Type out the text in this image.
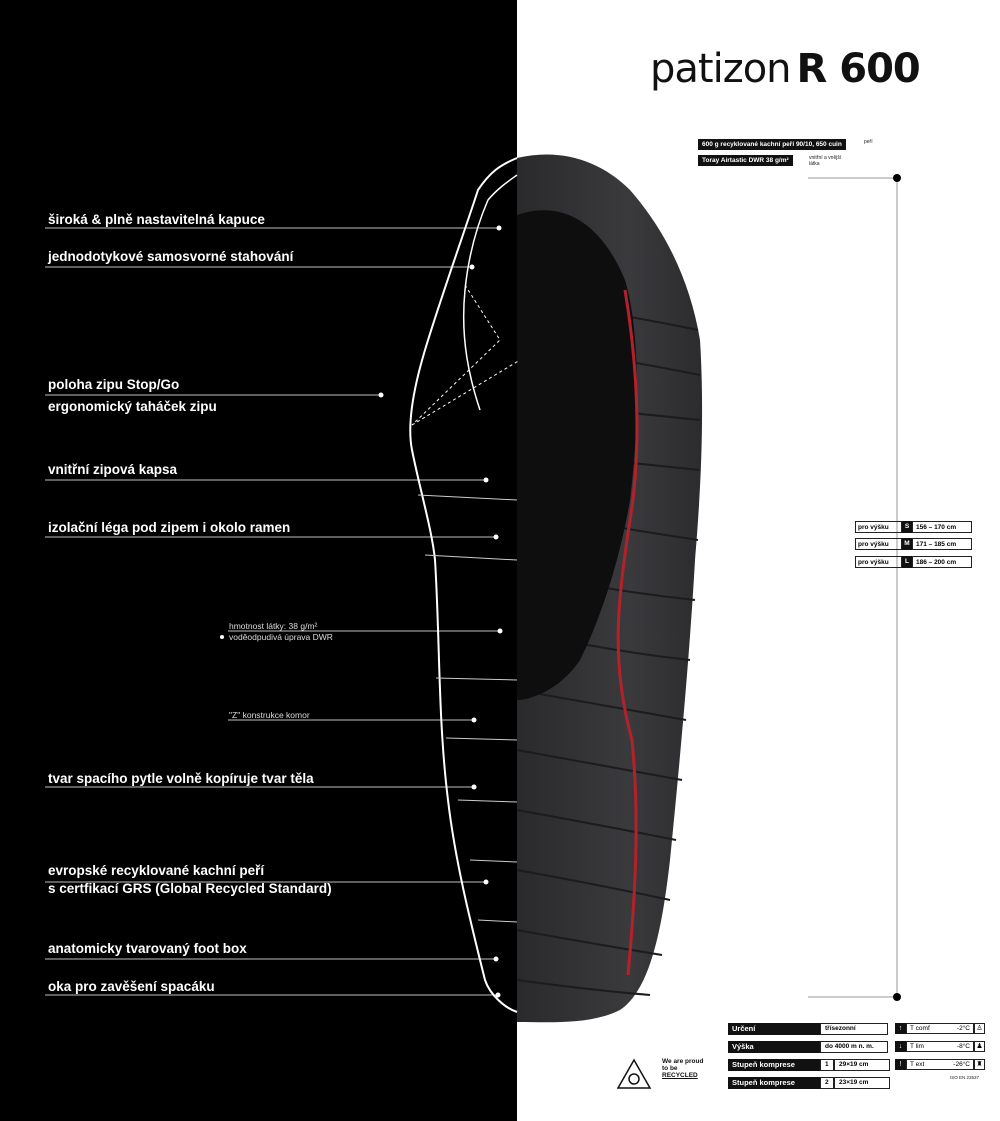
široká & plně nastavitelná kapuce
jednodotykové samosvorné stahování
poloha zipu Stop/Go
ergonomický taháček zipu
vnitřní zipová kapsa
izolační léga pod zipem i okolo ramen
tvar spacího pytle volně kopíruje tvar těla
evropské recyklované kachní peří
s certfikací GRS (Global Recycled Standard)
anatomicky tvarovaný foot box
oka pro zavěšení spacáku
hmotnost látky: 38 g/m²
voděodpudivá úprava DWR
"Z" konstrukce komor
patizon R 600
600 g recyklované kachní peří 90/10, 650 cuin	peří
Toray Airtastic DWR 38 g/m²	vnitřní a vnější látka
pro výšku	S	156 – 170 cm
pro výšku	M 171 – 185 cm
pro výšku	L	186 – 200 cm
Určení	třísezonní
Výška	do 4000 m n. m.
Stupeň komprese	1	29×19 cm
Stupeň komprese	2	23×19 cm
↑	T comf	-2°C ♙
↓	T lim	-8°C ♟
!	T ext	-26°C ♜
ISO EN 23537
We are proud
to be
RECYCLED
